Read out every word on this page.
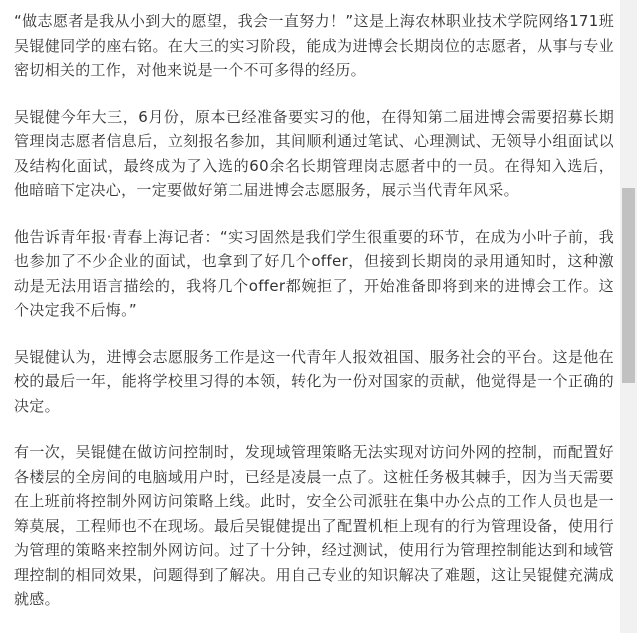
“做志愿者是我从小到大的愿望，我会一直努力！”这是上海农林职业技术学院网络171班吴锟健同学的座右铭。在大三的实习阶段，能成为进博会长期岗位的志愿者，从事与专业密切相关的工作，对他来说是一个不可多得的经历。

吴锟健今年大三，6月份，原本已经准备要实习的他，在得知第二届进博会需要招募长期管理岗志愿者信息后，立刻报名参加，其间顺利通过笔试、心理测试、无领导小组面试以及结构化面试，最终成为了入选的60余名长期管理岗志愿者中的一员。在得知入选后，他暗暗下定决心，一定要做好第二届进博会志愿服务，展示当代青年风采。

他告诉青年报·青春上海记者：“实习固然是我们学生很重要的环节，在成为小叶子前，我也参加了不少企业的面试，也拿到了好几个offer，但接到长期岗的录用通知时，这种激动是无法用语言描绘的，我将几个offer都婉拒了，开始准备即将到来的进博会工作。这个决定我不后悔。”

吴锟健认为，进博会志愿服务工作是这一代青年人报效祖国、服务社会的平台。这是他在校的最后一年，能将学校里习得的本领，转化为一份对国家的贡献，他觉得是一个正确的决定。

有一次，吴锟健在做访问控制时，发现域管理策略无法实现对访问外网的控制，而配置好各楼层的全房间的电脑域用户时，已经是凌晨一点了。这桩任务极其棘手，因为当天需要在上班前将控制外网访问策略上线。此时，安全公司派驻在集中办公点的工作人员也是一筹莫展，工程师也不在现场。最后吴锟健提出了配置机柜上现有的行为管理设备，使用行为管理的策略来控制外网访问。过了十分钟，经过测试，使用行为管理控制能达到和域管理控制的相同效果，问题得到了解决。用自己专业的知识解决了难题，这让吴锟健充满成就感。
